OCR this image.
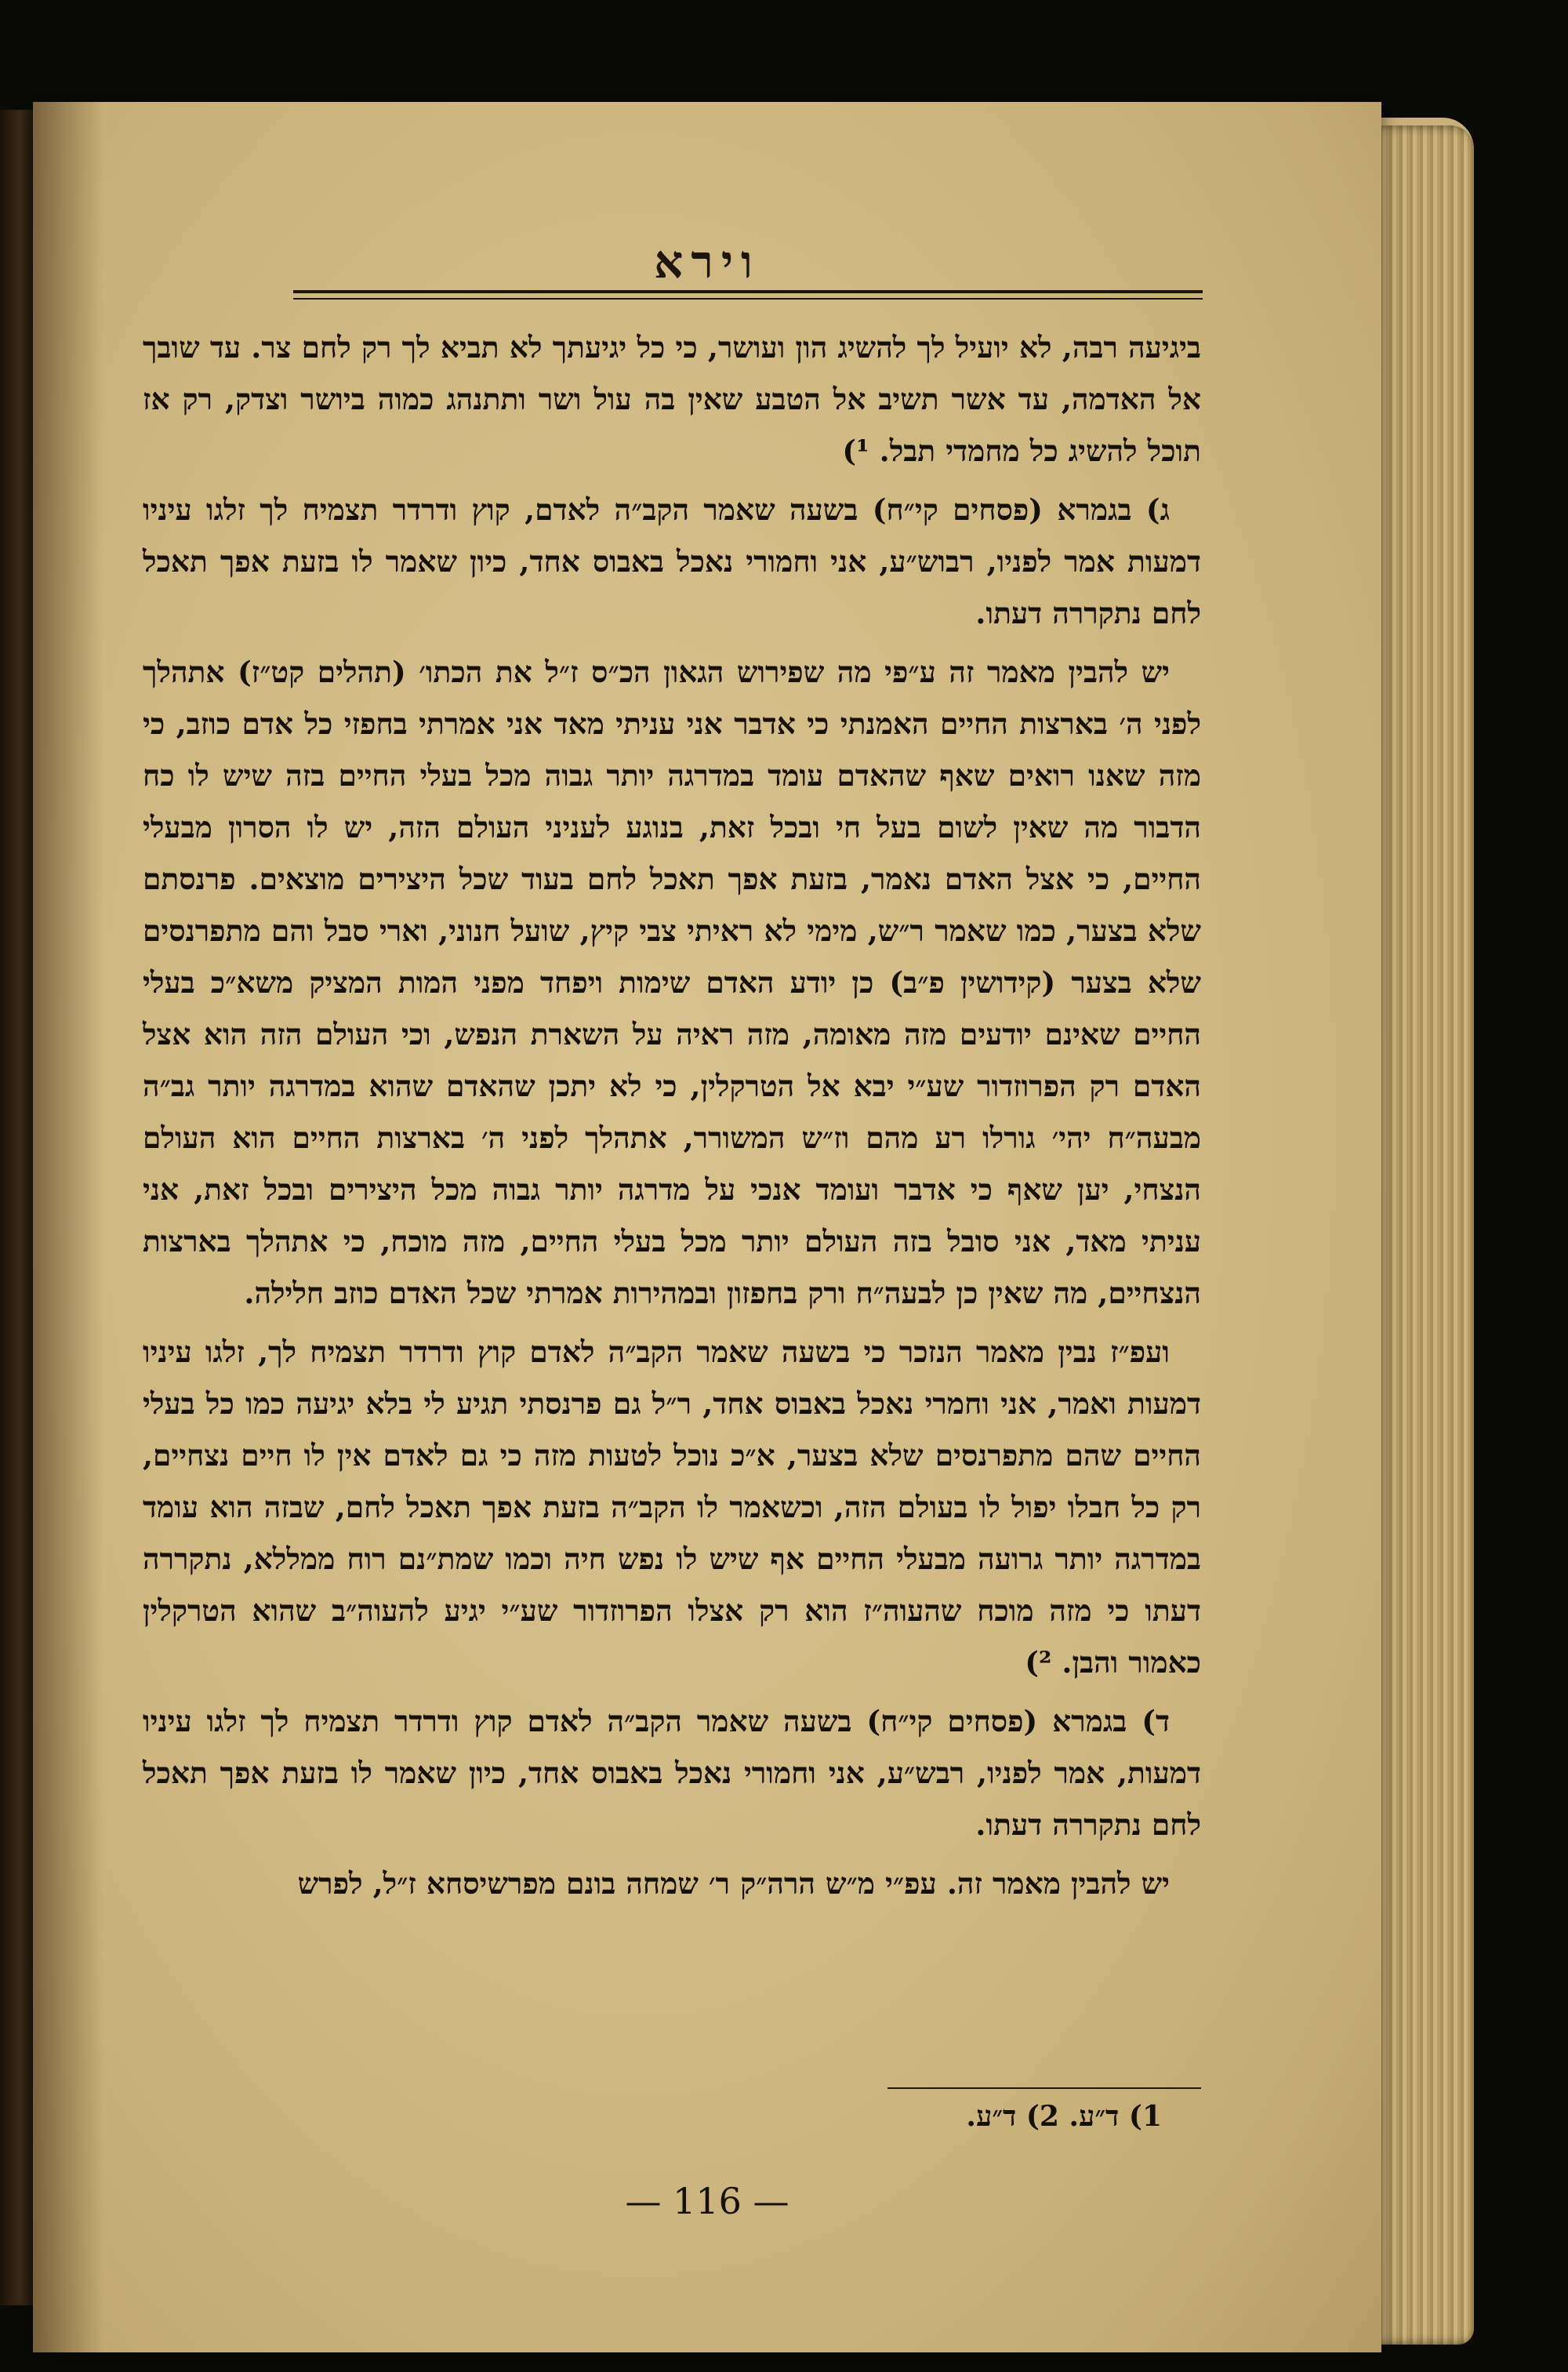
וירא

ביגיעה רבה, לא יועיל לך להשיג הון ועושר, כי כל יגיעתך לא תביא לך רק לחם צר. עד שובך אל האדמה, עד אשר תשיב אל הטבע שאין בה עול ושר ותתנהג כמוה ביושר וצדק, רק אז תוכל להשיג כל מחמדי תבל. ¹)

ג) בגמרא (פסחים קי״ח) בשעה שאמר הקב״ה לאדם, קוץ ודרדר תצמיח לך זלגו עיניו דמעות אמר לפניו, רבוש״ע, אני וחמורי נאכל באבוס אחד, כיון שאמר לו בזעת אפך תאכל לחם נתקררה דעתו.

יש להבין מאמר זה ע״פי מה שפירוש הגאון הכ״ס ז״ל את הכתו׳ (תהלים קט״ז) אתהלך לפני ה׳ בארצות החיים האמנתי כי אדבר אני עניתי מאד אני אמרתי בחפזי כל אדם כוזב, כי מזה שאנו רואים שאף שהאדם עומד במדרגה יותר גבוה מכל בעלי החיים בזה שיש לו כח הדבור מה שאין לשום בעל חי ובכל זאת, בנוגע לעניני העולם הזה, יש לו הסרון מבעלי החיים, כי אצל האדם נאמר, בזעת אפך תאכל לחם בעוד שכל היצירים מוצאים. פרנסתם שלא בצער, כמו שאמר ר״ש, מימי לא ראיתי צבי קיץ, שועל חנוני, וארי סבל והם מתפרנסים שלא בצער (קידושין פ״ב) כן יודע האדם שימות ויפחד מפני המות המציק משא״כ בעלי החיים שאינם יודעים מזה מאומה, מזה ראיה על השארת הנפש, וכי העולם הזה הוא אצל האדם רק הפרוזדור שע״י יבא אל הטרקלין, כי לא יתכן שהאדם שהוא במדרגה יותר גב״ה מבעה״ח יהי׳ גורלו רע מהם וז״ש המשורר, אתהלך לפני ה׳ בארצות החיים הוא העולם הנצחי, יען שאף כי אדבר ועומד אנכי על מדרגה יותר גבוה מכל היצירים ובכל זאת, אני עניתי מאד, אני סובל בזה העולם יותר מכל בעלי החיים, מזה מוכח, כי אתהלך בארצות הנצחיים, מה שאין כן לבעה״ח ורק בחפזון ובמהירות אמרתי שכל האדם כוזב חלילה.

ועפ״ז נבין מאמר הנזכר כי בשעה שאמר הקב״ה לאדם קוץ ודרדר תצמיח לך, זלגו עיניו דמעות ואמר, אני וחמרי נאכל באבוס אחד, ר״ל גם פרנסתי תגיע לי בלא יגיעה כמו כל בעלי החיים שהם מתפרנסים שלא בצער, א״כ נוכל לטעות מזה כי גם לאדם אין לו חיים נצחיים, רק כל חבלו יפול לו בעולם הזה, וכשאמר לו הקב״ה בזעת אפך תאכל לחם, שבזה הוא עומד במדרגה יותר גרועה מבעלי החיים אף שיש לו נפש חיה וכמו שמת״נם רוח ממללא, נתקררה דעתו כי מזה מוכח שהעוה״ז הוא רק אצלו הפרוזדור שע״י יגיע להעוה״ב שהוא הטרקלין כאמור והבן. ²)

ד) בגמרא (פסחים קי״ח) בשעה שאמר הקב״ה לאדם קוץ ודרדר תצמיח לך זלגו עיניו דמעות, אמר לפניו, רבש״ע, אני וחמורי נאכל באבוס אחד, כיון שאמר לו בזעת אפך תאכל לחם נתקררה דעתו.

יש להבין מאמר זה. עפ״י מ״ש הרה״ק ר׳ שמחה בונם מפרשיסחא ז״ל, לפרש

1) ד״ע. 2) ד״ע.
— 116 —
